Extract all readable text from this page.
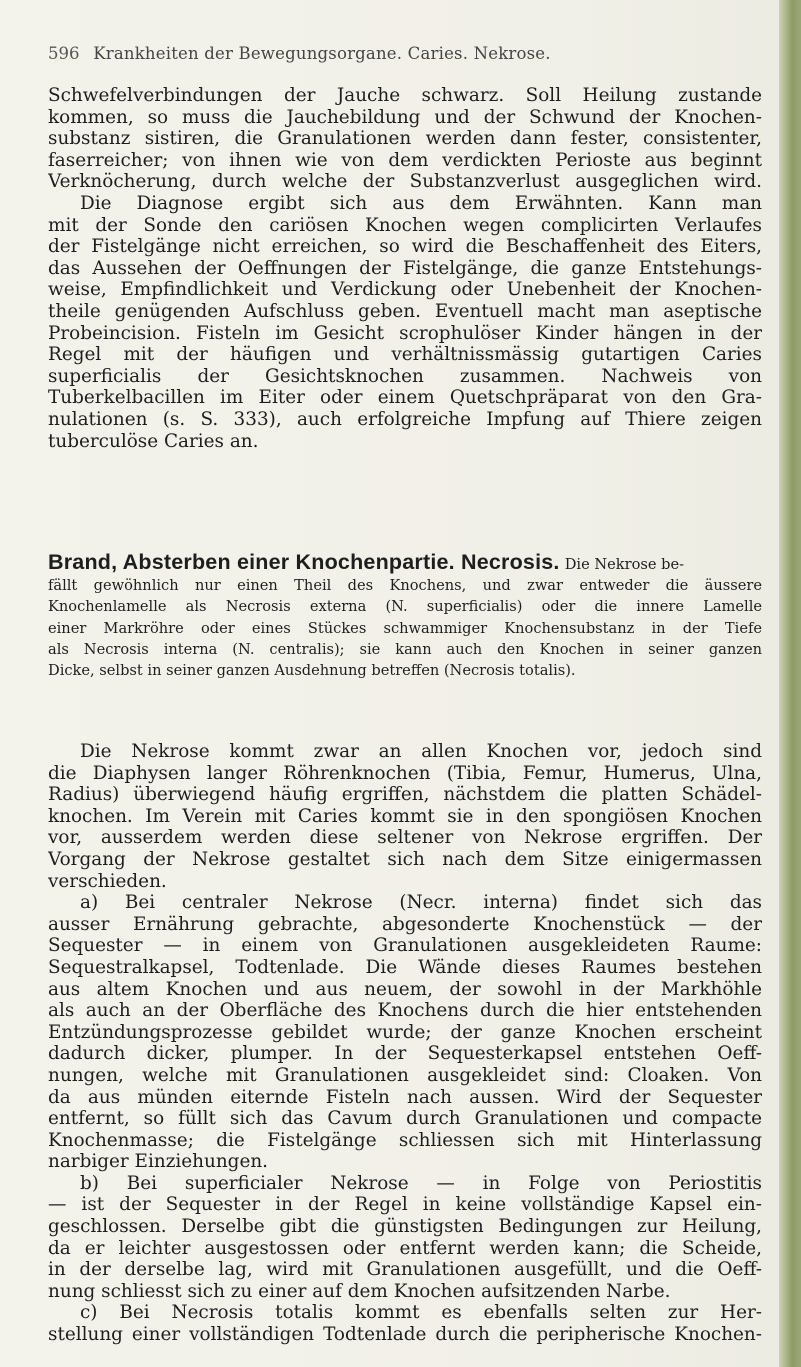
596 Krankheiten der Bewegungsorgane. Caries. Nekrose.
Schwefelverbindungen der Jauche schwarz. Soll Heilung zustande
kommen, so muss die Jauchebildung und der Schwund der Knochen-
substanz sistiren, die Granulationen werden dann fester, consistenter,
faserreicher; von ihnen wie von dem verdickten Perioste aus beginnt
Verknöcherung, durch welche der Substanzverlust ausgeglichen wird.
Die Diagnose ergibt sich aus dem Erwähnten. Kann man
mit der Sonde den cariösen Knochen wegen complicirten Verlaufes
der Fistelgänge nicht erreichen, so wird die Beschaffenheit des Eiters,
das Aussehen der Oeffnungen der Fistelgänge, die ganze Entstehungs-
weise, Empfindlichkeit und Verdickung oder Unebenheit der Knochen-
theile genügenden Aufschluss geben. Eventuell macht man aseptische
Probeincision. Fisteln im Gesicht scrophulöser Kinder hängen in der
Regel mit der häufigen und verhältnissmässig gutartigen Caries
superficialis der Gesichtsknochen zusammen. Nachweis von
Tuberkelbacillen im Eiter oder einem Quetschpräparat von den Gra-
nulationen (s. S. 333), auch erfolgreiche Impfung auf Thiere zeigen
tuberculöse Caries an.
Brand, Absterben einer Knochenpartie. Necrosis. Die Nekrose be-
fällt gewöhnlich nur einen Theil des Knochens, und zwar entweder die äussere
Knochenlamelle als Necrosis externa (N. superficialis) oder die innere Lamelle
einer Markröhre oder eines Stückes schwammiger Knochensubstanz in der Tiefe
als Necrosis interna (N. centralis); sie kann auch den Knochen in seiner ganzen
Dicke, selbst in seiner ganzen Ausdehnung betreffen (Necrosis totalis).
Die Nekrose kommt zwar an allen Knochen vor, jedoch sind
die Diaphysen langer Röhrenknochen (Tibia, Femur, Humerus, Ulna,
Radius) überwiegend häufig ergriffen, nächstdem die platten Schädel-
knochen. Im Verein mit Caries kommt sie in den spongiösen Knochen
vor, ausserdem werden diese seltener von Nekrose ergriffen. Der
Vorgang der Nekrose gestaltet sich nach dem Sitze einigermassen
verschieden.
a) Bei centraler Nekrose (Necr. interna) findet sich das
ausser Ernährung gebrachte, abgesonderte Knochenstück — der
Sequester — in einem von Granulationen ausgekleideten Raume:
Sequestralkapsel, Todtenlade. Die Wände dieses Raumes bestehen
aus altem Knochen und aus neuem, der sowohl in der Markhöhle
als auch an der Oberfläche des Knochens durch die hier entstehenden
Entzündungsprozesse gebildet wurde; der ganze Knochen erscheint
dadurch dicker, plumper. In der Sequesterkapsel entstehen Oeff-
nungen, welche mit Granulationen ausgekleidet sind: Cloaken. Von
da aus münden eiternde Fisteln nach aussen. Wird der Sequester
entfernt, so füllt sich das Cavum durch Granulationen und compacte
Knochenmasse; die Fistelgänge schliessen sich mit Hinterlassung
narbiger Einziehungen.
b) Bei superficialer Nekrose — in Folge von Periostitis
— ist der Sequester in der Regel in keine vollständige Kapsel ein-
geschlossen. Derselbe gibt die günstigsten Bedingungen zur Heilung,
da er leichter ausgestossen oder entfernt werden kann; die Scheide,
in der derselbe lag, wird mit Granulationen ausgefüllt, und die Oeff-
nung schliesst sich zu einer auf dem Knochen aufsitzenden Narbe.
c) Bei Necrosis totalis kommt es ebenfalls selten zur Her-
stellung einer vollständigen Todtenlade durch die peripherische Knochen-
